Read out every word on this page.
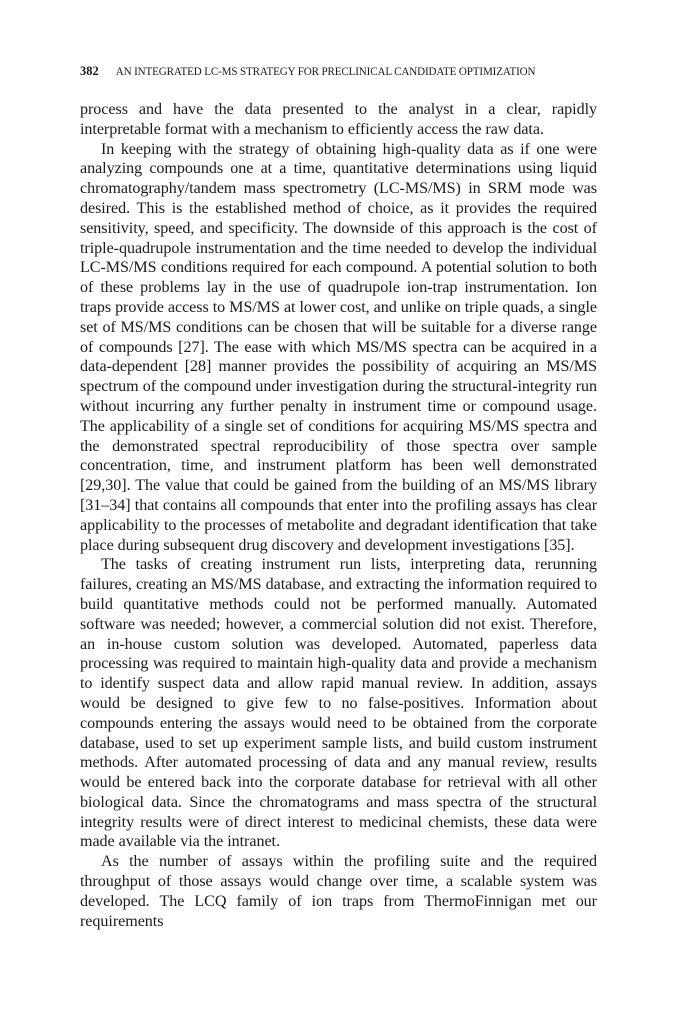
382 AN INTEGRATED LC-MS STRATEGY FOR PRECLINICAL CANDIDATE OPTIMIZATION

process and have the data presented to the analyst in a clear, rapidly interpretable format with a mechanism to efficiently access the raw data.

In keeping with the strategy of obtaining high-quality data as if one were analyzing compounds one at a time, quantitative determinations using liquid chromatography/tandem mass spectrometry (LC-MS/MS) in SRM mode was desired. This is the established method of choice, as it provides the required sensitivity, speed, and specificity. The downside of this approach is the cost of triple-quadrupole instrumentation and the time needed to develop the individual LC-MS/MS conditions required for each compound. A potential solution to both of these problems lay in the use of quadrupole ion-trap instrumentation. Ion traps provide access to MS/MS at lower cost, and unlike on triple quads, a single set of MS/MS conditions can be chosen that will be suitable for a diverse range of compounds [27]. The ease with which MS/MS spectra can be acquired in a data-dependent [28] manner provides the possibility of acquiring an MS/MS spectrum of the compound under investigation during the structural-integrity run without incurring any further penalty in instrument time or compound usage. The applicability of a single set of conditions for acquiring MS/MS spectra and the demonstrated spectral reproducibility of those spectra over sample concentration, time, and instrument platform has been well demonstrated [29,30]. The value that could be gained from the building of an MS/MS library [31–34] that contains all compounds that enter into the profiling assays has clear applicability to the processes of metabolite and degradant identification that take place during subsequent drug discovery and development investigations [35].

The tasks of creating instrument run lists, interpreting data, rerunning failures, creating an MS/MS database, and extracting the information required to build quantitative methods could not be performed manually. Automated software was needed; however, a commercial solution did not exist. Therefore, an in-house custom solution was developed. Automated, paperless data processing was required to maintain high-quality data and provide a mechanism to identify suspect data and allow rapid manual review. In addition, assays would be designed to give few to no false-positives. Information about compounds entering the assays would need to be obtained from the corporate database, used to set up experiment sample lists, and build custom instrument methods. After automated processing of data and any manual review, results would be entered back into the corporate database for retrieval with all other biological data. Since the chromatograms and mass spectra of the structural integrity results were of direct interest to medicinal chemists, these data were made available via the intranet.

As the number of assays within the profiling suite and the required throughput of those assays would change over time, a scalable system was developed. The LCQ family of ion traps from ThermoFinnigan met our requirements
